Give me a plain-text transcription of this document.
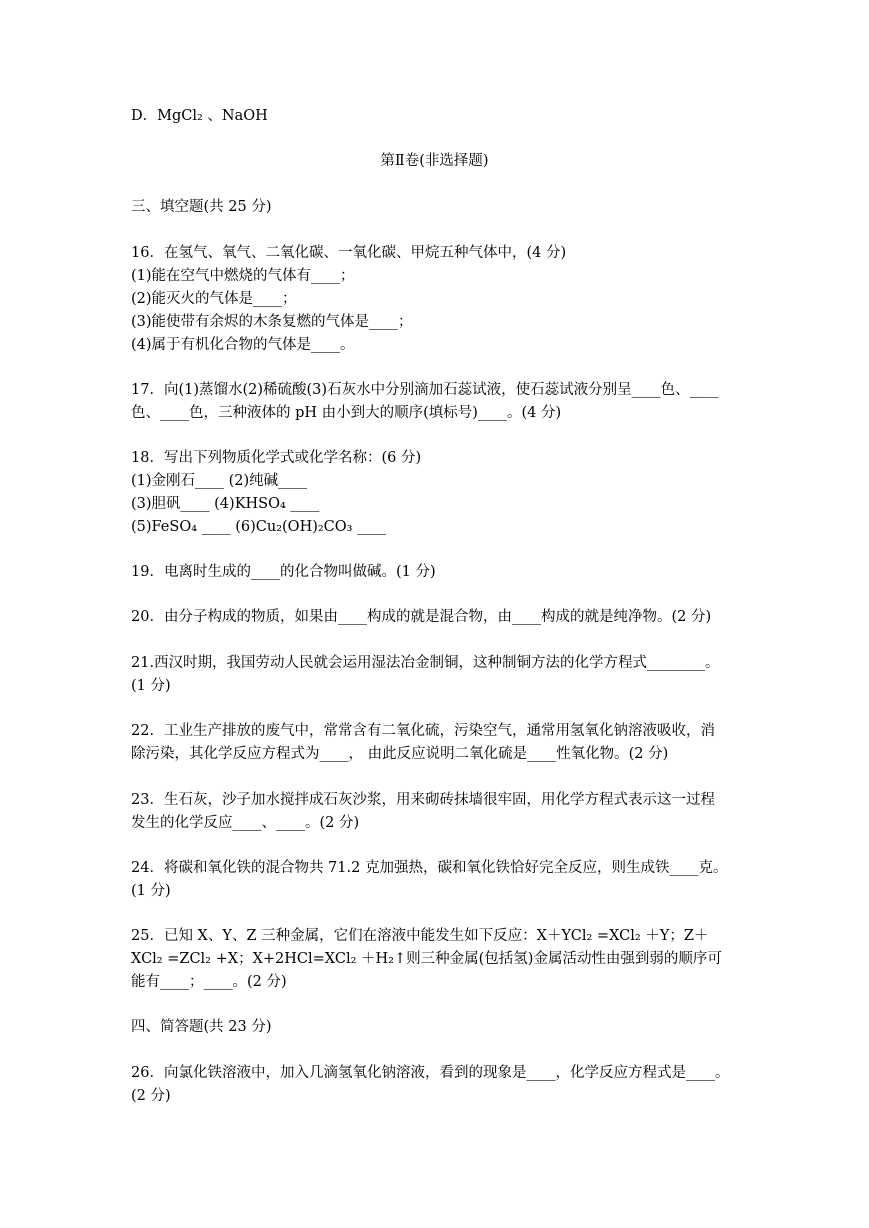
D．MgCl₂ 、NaOH
第Ⅱ卷(非选择题)
三、填空题(共 25 分)
16．在氢气、氧气、二氧化碳、一氧化碳、甲烷五种气体中，(4 分)
(1)能在空气中燃烧的气体有____；
(2)能灭火的气体是____；
(3)能使带有余烬的木条复燃的气体是____；
(4)属于有机化合物的气体是____。
17．向(1)蒸馏水(2)稀硫酸(3)石灰水中分别滴加石蕊试液，使石蕊试液分别呈____色、____
色、____色，三种液体的 pH 由小到大的顺序(填标号)____。(4 分)
18．写出下列物质化学式或化学名称：(6 分)
(1)金刚石____ (2)纯碱____
(3)胆矾____ (4)KHSO₄ ____
(5)FeSO₄ ____ (6)Cu₂(OH)₂CO₃ ____
19．电离时生成的____的化合物叫做碱。(1 分)
20．由分子构成的物质，如果由____构成的就是混合物，由____构成的就是纯净物。(2 分)
21.西汉时期，我国劳动人民就会运用湿法冶金制铜，这种制铜方法的化学方程式________。
(1 分)
22．工业生产排放的废气中，常常含有二氧化硫，污染空气，通常用氢氧化钠溶液吸收，消
除污染，其化学反应方程式为____， 由此反应说明二氧化硫是____性氧化物。(2 分)
23．生石灰，沙子加水搅拌成石灰沙浆，用来砌砖抹墙很牢固，用化学方程式表示这一过程
发生的化学反应____、____。(2 分)
24．将碳和氧化铁的混合物共 71.2 克加强热，碳和氧化铁恰好完全反应，则生成铁____克。
(1 分)
25．已知 X、Y、Z 三种金属，它们在溶液中能发生如下反应：X＋YCl₂ =XCl₂ ＋Y；Z＋
XCl₂ =ZCl₂ +X；X+2HCl=XCl₂ ＋H₂↑则三种金属(包括氢)金属活动性由强到弱的顺序可
能有____；____。(2 分)
四、简答题(共 23 分)
26．向氯化铁溶液中，加入几滴氢氧化钠溶液，看到的现象是____，化学反应方程式是____。
(2 分)
